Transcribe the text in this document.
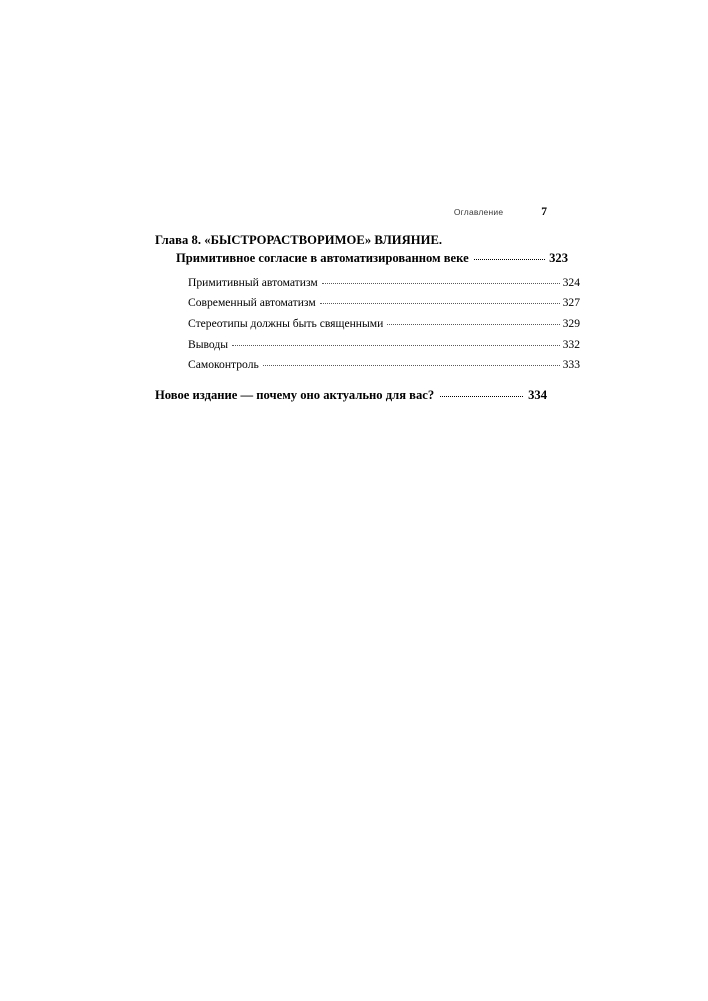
Оглавление	7
Глава 8. «БЫСТРОРАСТВОРИМОЕ» ВЛИЯНИЕ.
Примитивное согласие в автоматизированном веке	323
Примитивный автоматизм	324
Современный автоматизм	327
Стереотипы должны быть священными	329
Выводы	332
Самоконтроль	333
Новое издание — почему оно актуально для вас?	334
